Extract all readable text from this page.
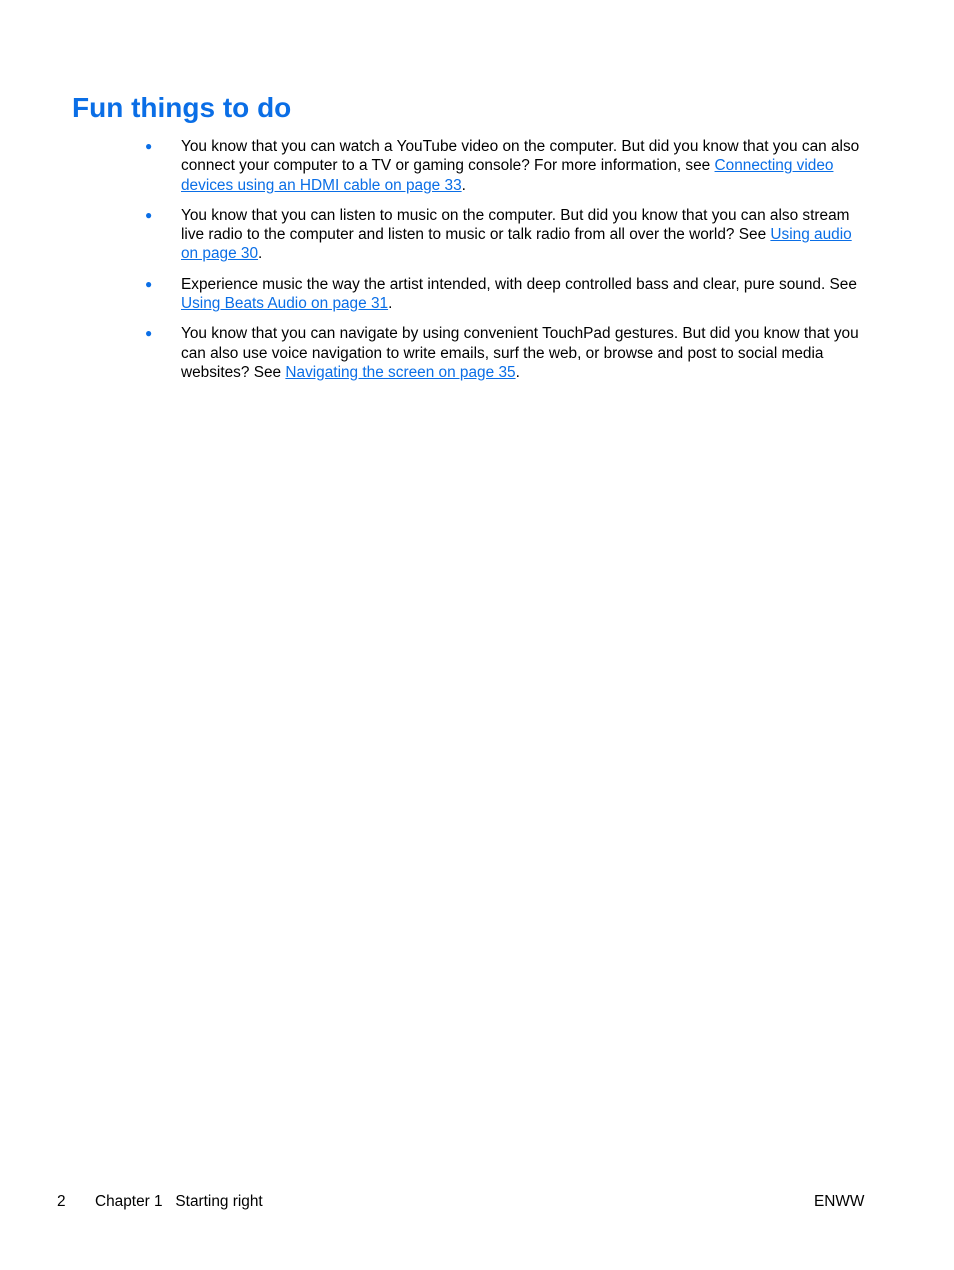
Fun things to do
● You know that you can watch a YouTube video on the computer. But did you know that you can also connect your computer to a TV or gaming console? For more information, see Connecting video devices using an HDMI cable on page 33.
● You know that you can listen to music on the computer. But did you know that you can also stream live radio to the computer and listen to music or talk radio from all over the world? See Using audio on page 30.
● Experience music the way the artist intended, with deep controlled bass and clear, pure sound. See Using Beats Audio on page 31.
● You know that you can navigate by using convenient TouchPad gestures. But did you know that you can also use voice navigation to write emails, surf the web, or browse and post to social media websites? See Navigating the screen on page 35.
2 Chapter 1   Starting right	ENWW
